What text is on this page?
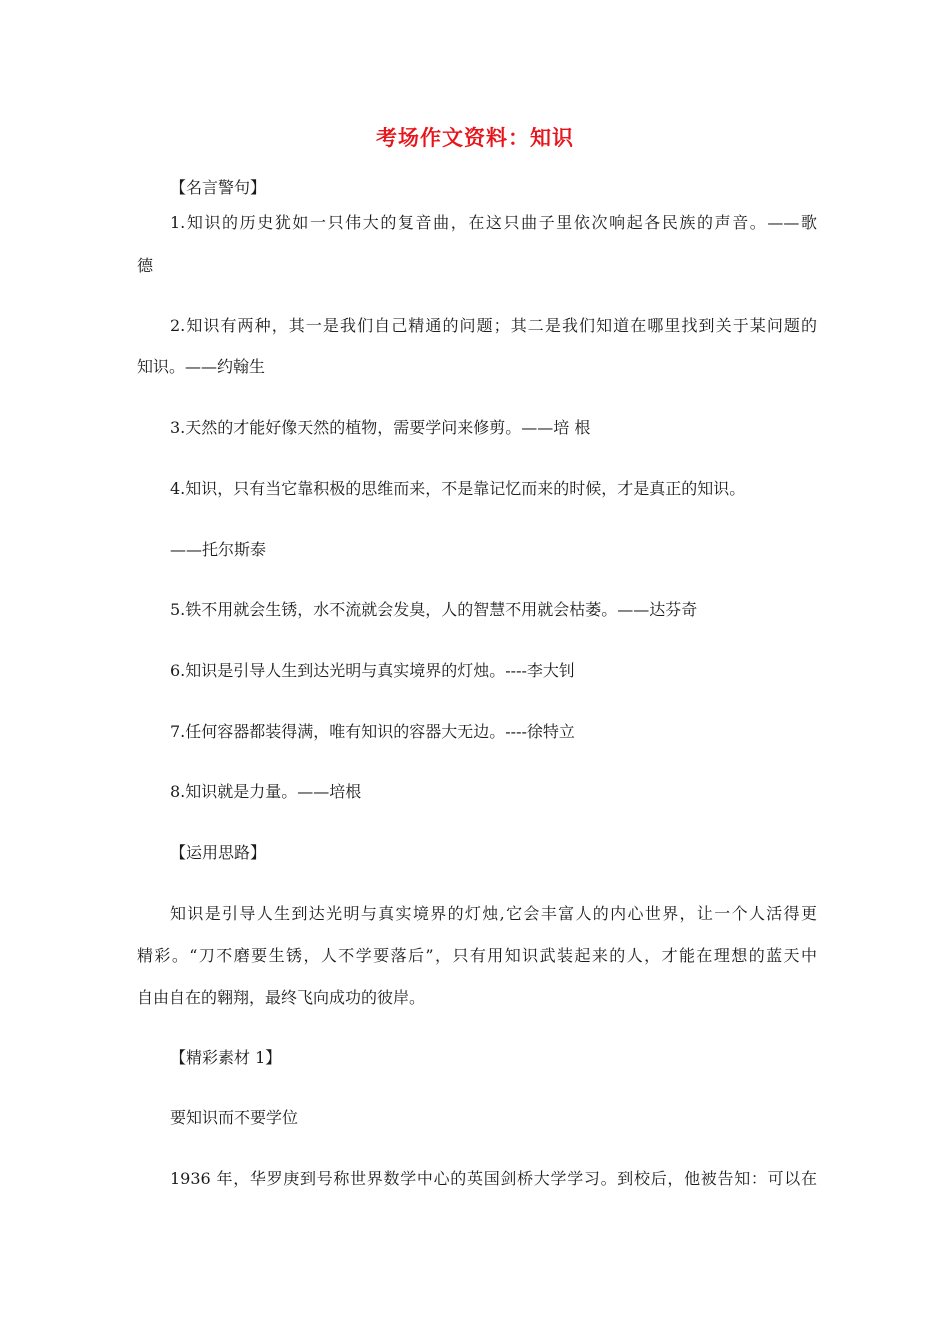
考场作文资料：知识
【名言警句】
1.知识的历史犹如一只伟大的复音曲，在这只曲子里依次响起各民族的声音。——歌
德
2.知识有两种，其一是我们自己精通的问题；其二是我们知道在哪里找到关于某问题的
知识。——约翰生
3.天然的才能好像天然的植物，需要学问来修剪。——培 根
4.知识，只有当它靠积极的思维而来，不是靠记忆而来的时候，才是真正的知识。
——托尔斯泰
5.铁不用就会生锈，水不流就会发臭，人的智慧不用就会枯萎。——达芬奇
6.知识是引导人生到达光明与真实境界的灯烛。----李大钊
7.任何容器都装得满，唯有知识的容器大无边。----徐特立
8.知识就是力量。——培根
【运用思路】
知识是引导人生到达光明与真实境界的灯烛,它会丰富人的内心世界，让一个人活得更
精彩。“刀不磨要生锈，人不学要落后”，只有用知识武装起来的人，才能在理想的蓝天中
自由自在的翱翔，最终飞向成功的彼岸。
【精彩素材 1】
要知识而不要学位
1936 年，华罗庚到号称世界数学中心的英国剑桥大学学习。到校后，他被告知：可以在
